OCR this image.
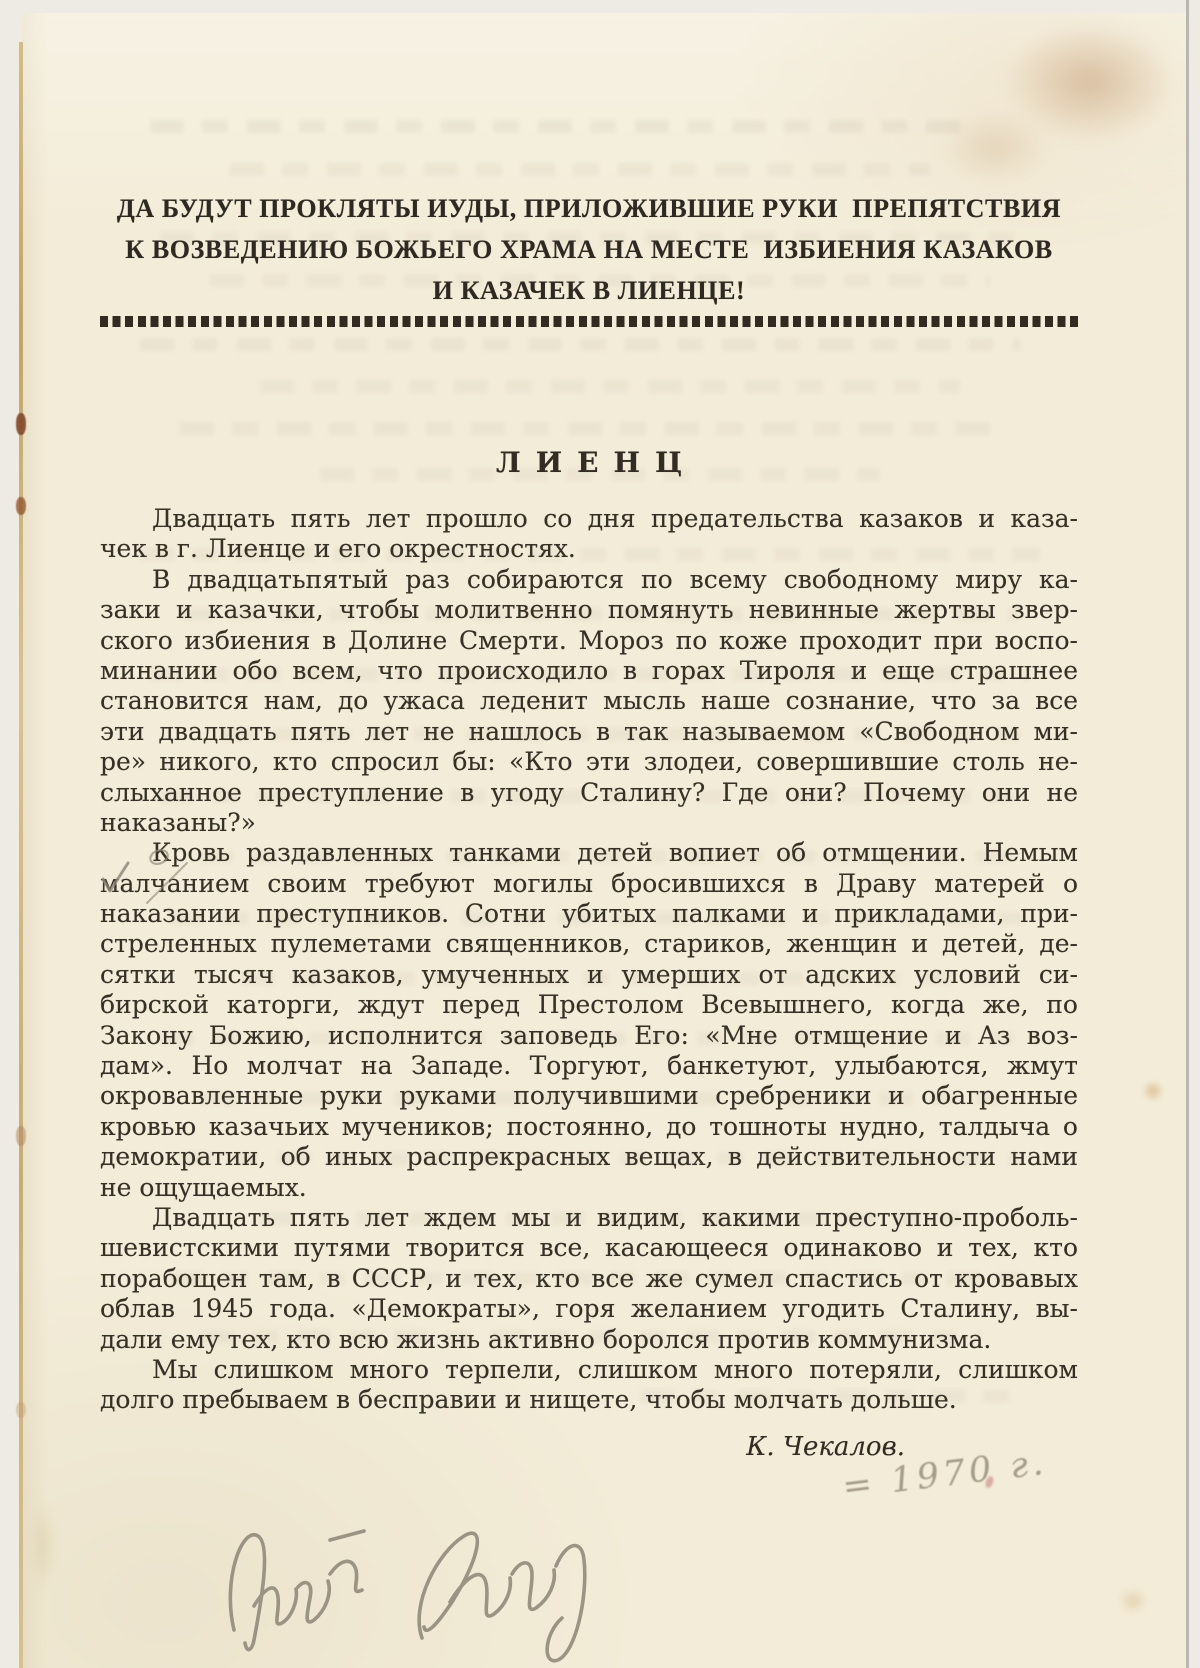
ДА БУДУТ ПРОКЛЯТЫ ИУДЫ, ПРИЛОЖИВШИЕ РУКИ  ПРЕПЯТСТВИЯ
К ВОЗВЕДЕНИЮ БОЖЬЕГО ХРАМА НА МЕСТЕ  ИЗБИЕНИЯ КАЗАКОВ
И КАЗАЧЕК В ЛИЕНЦЕ!
ЛИЕНЦ
Двадцать пять лет прошло со дня предательства казаков и каза-
чек в г. Лиенце и его окрестностях.
В двадцатьпятый раз собираются по всему свободному миру ка-
заки и казачки, чтобы молитвенно помянуть невинные жертвы звер-
ского избиения в Долине Смерти. Мороз по коже проходит при воспо-
минании обо всем, что происходило в горах Тироля и еще страшнее
становится нам, до ужаса леденит мысль наше сознание, что за все
эти двадцать пять лет не нашлось в так называемом «Свободном ми-
ре» никого, кто спросил бы: «Кто эти злодеи, совершившие столь не-
слыханное преступление в угоду Сталину? Где они? Почему они не
наказаны?»
Кровь раздавленных танками детей вопиет об отмщении. Немым
малчанием своим требуют могилы бросившихся в Драву матерей о
наказании преступников. Сотни убитых палками и прикладами, при-
стреленных пулеметами священников, стариков, женщин и детей, де-
сятки тысяч казаков, умученных и умерших от адских условий си-
бирской каторги, ждут перед Престолом Всевышнего, когда же, по
Закону Божию, исполнится заповедь Его: «Мне отмщение и Аз воз-
дам». Но молчат на Западе. Торгуют, банкетуют, улыбаются, жмут
окровавленные руки руками получившими сребреники и обагренные
кровью казачьих мучеников; постоянно, до тошноты нудно, талдыча о
демократии, об иных распрекрасных вещах, в действительности нами
не ощущаемых.
Двадцать пять лет ждем мы и видим, какими преступно-проболь-
шевистскими путями творится все, касающееся одинаково и тех, кто
порабощен там, в СССР, и тех, кто все же сумел спастись от кровавых
облав 1945 года. «Демократы», горя желанием угодить Сталину, вы-
дали ему тех, кто всю жизнь активно боролся против коммунизма.
Мы слишком много терпели, слишком много потеряли, слишком
долго пребываем в бесправии и нищете, чтобы молчать дольше.
К. Чекалов.
= 1970 г.
